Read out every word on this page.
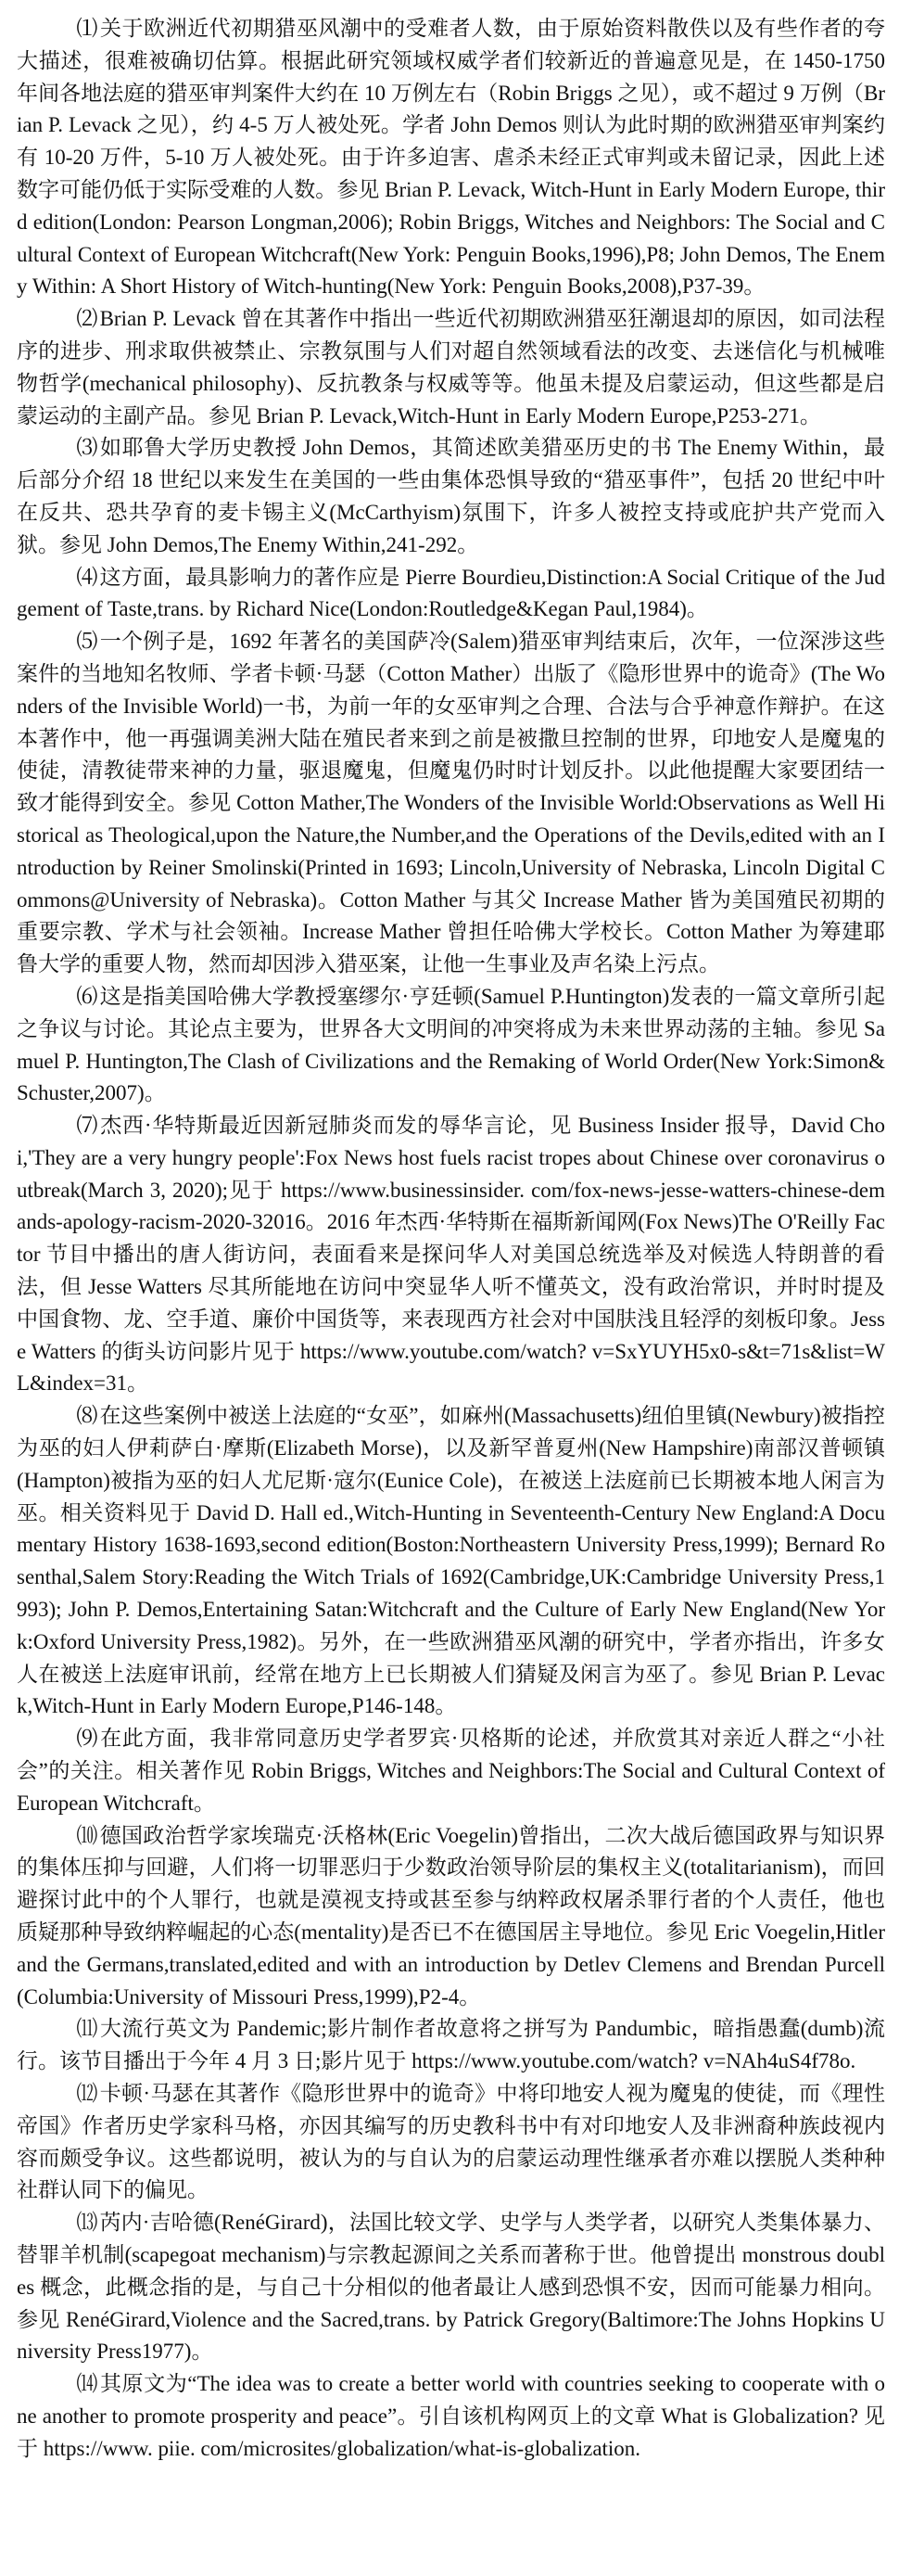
⑴关于欧洲近代初期猎巫风潮中的受难者人数，由于原始资料散佚以及有些作者的夸大描述，很难被确切估算。根据此研究领域权威学者们较新近的普遍意见是，在 1450-1750 年间各地法庭的猎巫审判案件大约在 10 万例左右（Robin Briggs 之见），或不超过 9 万例（Brian P. Levack 之见），约 4-5 万人被处死。学者 John Demos 则认为此时期的欧洲猎巫审判案约有 10-20 万件，5-10 万人被处死。由于许多迫害、虐杀未经正式审判或未留记录，因此上述数字可能仍低于实际受难的人数。参见 Brian P. Levack, Witch-Hunt in Early Modern Europe, third edition(London: Pearson Longman,2006); Robin Briggs, Witches and Neighbors: The Social and Cultural Context of European Witchcraft(New York: Penguin Books,1996),P8; John Demos, The Enemy Within: A Short History of Witch-hunting(New York: Penguin Books,2008),P37-39。

⑵Brian P. Levack 曾在其著作中指出一些近代初期欧洲猎巫狂潮退却的原因，如司法程序的进步、刑求取供被禁止、宗教氛围与人们对超自然领域看法的改变、去迷信化与机械唯物哲学(mechanical philosophy)、反抗教条与权威等等。他虽未提及启蒙运动，但这些都是启蒙运动的主副产品。参见 Brian P. Levack,Witch-Hunt in Early Modern Europe,P253-271。

⑶如耶鲁大学历史教授 John Demos，其简述欧美猎巫历史的书 The Enemy Within，最后部分介绍 18 世纪以来发生在美国的一些由集体恐惧导致的“猎巫事件”，包括 20 世纪中叶在反共、恐共孕育的麦卡锡主义(McCarthyism)氛围下，许多人被控支持或庇护共产党而入狱。参见 John Demos,The Enemy Within,241-292。

⑷这方面，最具影响力的著作应是 Pierre Bourdieu,Distinction:A Social Critique of the Judgement of Taste,trans. by Richard Nice(London:Routledge&Kegan Paul,1984)。

⑸一个例子是，1692 年著名的美国萨冷(Salem)猎巫审判结束后，次年，一位深涉这些案件的当地知名牧师、学者卡顿·马瑟（Cotton Mather）出版了《隐形世界中的诡奇》(The Wonders of the Invisible World)一书，为前一年的女巫审判之合理、合法与合乎神意作辩护。在这本著作中，他一再强调美洲大陆在殖民者来到之前是被撒旦控制的世界，印地安人是魔鬼的使徒，清教徒带来神的力量，驱退魔鬼，但魔鬼仍时时计划反扑。以此他提醒大家要团结一致才能得到安全。参见 Cotton Mather,The Wonders of the Invisible World:Observations as Well Historical as Theological,upon the Nature,the Number,and the Operations of the Devils,edited with an Introduction by Reiner Smolinski(Printed in 1693; Lincoln,University of Nebraska, Lincoln Digital Commons@University of Nebraska)。Cotton Mather 与其父 Increase Mather 皆为美国殖民初期的重要宗教、学术与社会领袖。Increase Mather 曾担任哈佛大学校长。Cotton Mather 为筹建耶鲁大学的重要人物，然而却因涉入猎巫案，让他一生事业及声名染上污点。

⑹这是指美国哈佛大学教授塞缪尔·亨廷顿(Samuel P.Huntington)发表的一篇文章所引起之争议与讨论。其论点主要为，世界各大文明间的冲突将成为未来世界动荡的主轴。参见 Samuel P. Huntington,The Clash of Civilizations and the Remaking of World Order(New York:Simon&Schuster,2007)。

⑺杰西·华特斯最近因新冠肺炎而发的辱华言论，见 Business Insider 报导，David Choi,'They are a very hungry people':Fox News host fuels racist tropes about Chinese over coronavirus outbreak(March 3, 2020);见于 https://www.businessinsider. com/fox-news-jesse-watters-chinese-demands-apology-racism-2020-32016。2016 年杰西·华特斯在福斯新闻网(Fox News)The O'Reilly Factor 节目中播出的唐人街访问，表面看来是探问华人对美国总统选举及对候选人特朗普的看法，但 Jesse Watters 尽其所能地在访问中突显华人听不懂英文，没有政治常识，并时时提及中国食物、龙、空手道、廉价中国货等，来表现西方社会对中国肤浅且轻浮的刻板印象。Jesse Watters 的街头访问影片见于 https://www.youtube.com/watch? v=SxYUYH5x0-s&t=71s&list=WL&index=31。

⑻在这些案例中被送上法庭的“女巫”，如麻州(Massachusetts)纽伯里镇(Newbury)被指控为巫的妇人伊莉萨白·摩斯(Elizabeth Morse)，以及新罕普夏州(New Hampshire)南部汉普顿镇(Hampton)被指为巫的妇人尤尼斯·寇尔(Eunice Cole)，在被送上法庭前已长期被本地人闲言为巫。相关资料见于 David D. Hall ed.,Witch-Hunting in Seventeenth-Century New England:A Documentary History 1638-1693,second edition(Boston:Northeastern University Press,1999); Bernard Rosenthal,Salem Story:Reading the Witch Trials of 1692(Cambridge,UK:Cambridge University Press,1993); John P. Demos,Entertaining Satan:Witchcraft and the Culture of Early New England(New York:Oxford University Press,1982)。另外，在一些欧洲猎巫风潮的研究中，学者亦指出，许多女人在被送上法庭审讯前，经常在地方上已长期被人们猜疑及闲言为巫了。参见 Brian P. Levack,Witch-Hunt in Early Modern Europe,P146-148。

⑼在此方面，我非常同意历史学者罗宾·贝格斯的论述，并欣赏其对亲近人群之“小社会”的关注。相关著作见 Robin Briggs, Witches and Neighbors:The Social and Cultural Context of European Witchcraft。

⑽德国政治哲学家埃瑞克·沃格林(Eric Voegelin)曾指出，二次大战后德国政界与知识界的集体压抑与回避，人们将一切罪恶归于少数政治领导阶层的集权主义(totalitarianism)，而回避探讨此中的个人罪行，也就是漠视支持或甚至参与纳粹政权屠杀罪行者的个人责任，他也质疑那种导致纳粹崛起的心态(mentality)是否已不在德国居主导地位。参见 Eric Voegelin,Hitler and the Germans,translated,edited and with an introduction by Detlev Clemens and Brendan Purcell(Columbia:University of Missouri Press,1999),P2-4。

⑾大流行英文为 Pandemic;影片制作者故意将之拼写为 Pandumbic，暗指愚蠢(dumb)流行。该节目播出于今年 4 月 3 日;影片见于 https://www.youtube.com/watch? v=NAh4uS4f78o.

⑿卡顿·马瑟在其著作《隐形世界中的诡奇》中将印地安人视为魔鬼的使徒，而《理性帝国》作者历史学家科马格，亦因其编写的历史教科书中有对印地安人及非洲裔种族歧视内容而颇受争议。这些都说明，被认为的与自认为的启蒙运动理性继承者亦难以摆脱人类种种社群认同下的偏见。

⒀芮内·吉哈德(RenéGirard)，法国比较文学、史学与人类学者，以研究人类集体暴力、替罪羊机制(scapegoat mechanism)与宗教起源间之关系而著称于世。他曾提出 monstrous doubles 概念，此概念指的是，与自己十分相似的他者最让人感到恐惧不安，因而可能暴力相向。参见 RenéGirard,Violence and the Sacred,trans. by Patrick Gregory(Baltimore:The Johns Hopkins University Press1977)。

⒁其原文为“The idea was to create a better world with countries seeking to cooperate with one another to promote prosperity and peace”。引自该机构网页上的文章 What is Globalization? 见于 https://www. piie. com/microsites/globalization/what-is-globalization.
